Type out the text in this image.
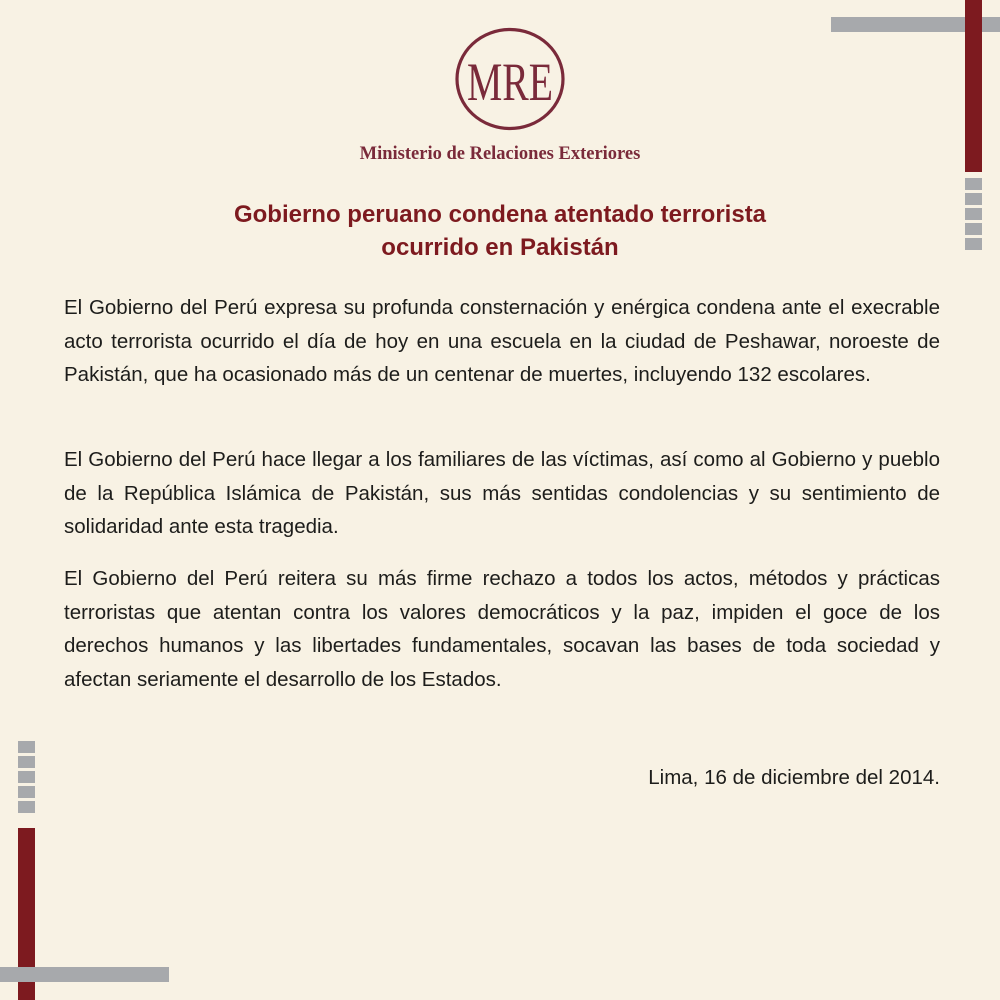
MRE
Ministerio de Relaciones Exteriores
Gobierno peruano condena atentado terrorista
ocurrido en Pakistán

El Gobierno del Perú expresa su profunda consternación y enérgica condena ante el execrable acto terrorista ocurrido el día de hoy en una escuela en la ciudad de Peshawar, noroeste de Pakistán, que ha ocasionado más de un centenar de muertes, incluyendo 132 escolares.

El Gobierno del Perú hace llegar a los familiares de las víctimas, así como al Gobierno y pueblo de la República Islámica de Pakistán, sus más sentidas condolencias y su sentimiento de solidaridad ante esta tragedia.

El Gobierno del Perú reitera su más firme rechazo a todos los actos, métodos y prácticas terroristas que atentan contra los valores democráticos y la paz, impiden el goce de los derechos humanos y las libertades fundamentales, socavan las bases de toda sociedad y afectan seriamente el desarrollo de los Estados.

Lima, 16 de diciembre del 2014.
